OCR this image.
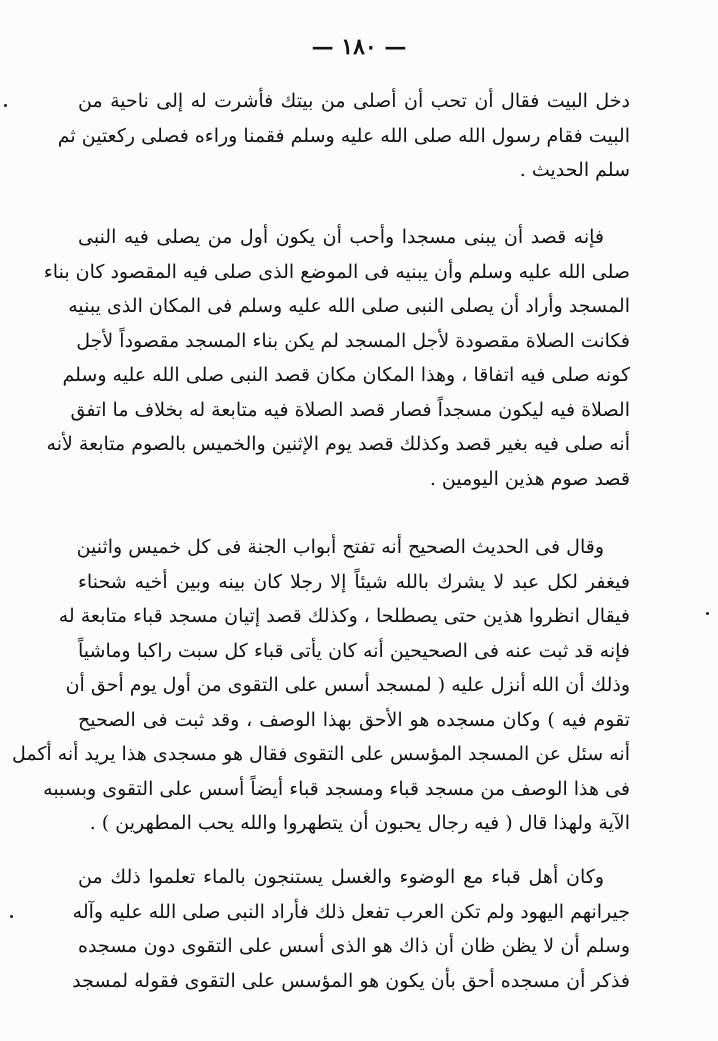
— ١٨٠ —
دخل البيت فقال أن تحب أن أصلى من بيتك فأشرت له إلى ناحية من
البيت فقام رسول الله صلى الله عليه وسلم فقمنا وراءه فصلى ركعتين ثم
سلم الحديث .
فإنه قصد أن يبنى مسجدا وأحب أن يكون أول من يصلى فيه النبى
صلى الله عليه وسلم وأن يبنيه فى الموضع الذى صلى فيه المقصود كان بناء
المسجد وأراد أن يصلى النبى صلى الله عليه وسلم فى المكان الذى يبنيه
فكانت الصلاة مقصودة لأجل المسجد لم يكن بناء المسجد مقصوداً لأجل
كونه صلى فيه اتفاقا ، وهذا المكان مكان قصد النبى صلى الله عليه وسلم
الصلاة فيه ليكون مسجداً فصار قصد الصلاة فيه متابعة له بخلاف ما اتفق
أنه صلى فيه بغير قصد وكذلك قصد يوم الإثنين والخميس بالصوم متابعة لأنه
قصد صوم هذين اليومين .
وقال فى الحديث الصحيح أنه تفتح أبواب الجنة فى كل خميس واثنين
فيغفر لكل عبد لا يشرك بالله شيئاً إلا رجلا كان بينه وبين أخيه شحناء
فيقال انظروا هذين حتى يصطلحا ، وكذلك قصد إتيان مسجد قباء متابعة له
فإنه قد ثبت عنه فى الصحيحين أنه كان يأتى قباء كل سبت راكبا وماشياً
وذلك أن الله أنزل عليه ( لمسجد أسس على التقوى من أول يوم أحق أن
تقوم فيه ) وكان مسجده هو الأحق بهذا الوصف ، وقد ثبت فى الصحيح
أنه سئل عن المسجد المؤسس على التقوى فقال هو مسجدى هذا يريد أنه أكمل
فى هذا الوصف من مسجد قباء ومسجد قباء أيضاً أسس على التقوى وبسببه
الآية ولهذا قال ( فيه رجال يحبون أن يتطهروا والله يحب المطهرين ) .
وكان أهل قباء مع الوضوء والغسل يستنجون بالماء تعلموا ذلك من
جيرانهم اليهود ولم تكن العرب تفعل ذلك فأراد النبى صلى الله عليه وآله
وسلم أن لا يظن ظان أن ذاك هو الذى أسس على التقوى دون مسجده
فذكر أن مسجده أحق بأن يكون هو المؤسس على التقوى فقوله لمسجد
